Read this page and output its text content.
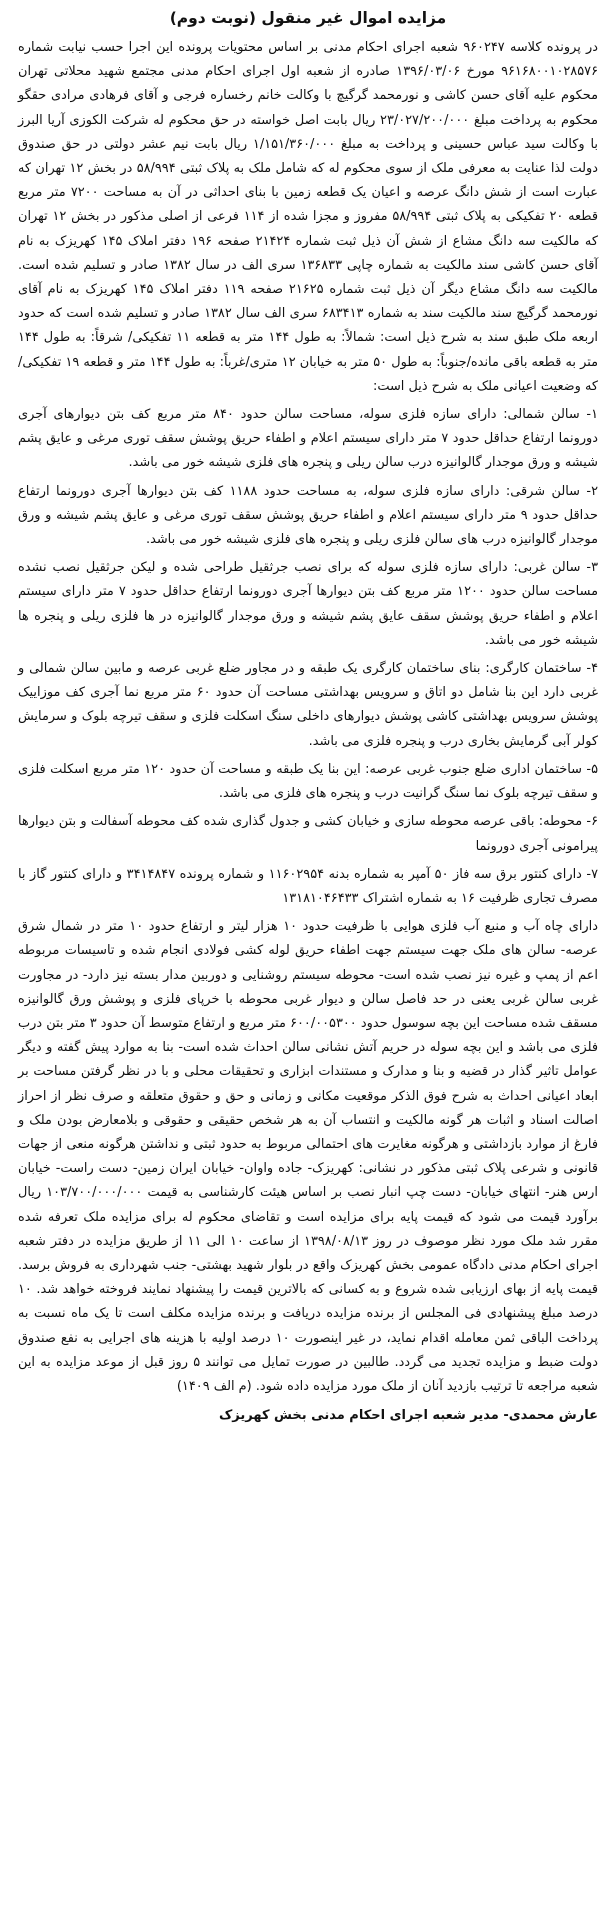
مزایده اموال غیر منقول (نوبت دوم)

در پرونده کلاسه ۹۶۰۲۴۷ شعبه اجرای احکام مدنی بر اساس محتویات پرونده این اجرا حسب نیابت شماره ۹۶۱۶۸۰۰۱۰۲۸۵۷۶ مورخ ۱۳۹۶/۰۳/۰۶ صادره از شعبه اول اجرای احکام مدنی مجتمع شهید محلاتی تهران محکوم علیه آقای حسن کاشی و نورمحمد گرگیچ با وکالت خانم رخساره فرجی و آقای فرهادی مرادی حقگو محکوم به پرداخت مبلغ ۲۳/۰۲۷/۲۰۰/۰۰۰ ریال بابت اصل خواسته در حق محکوم له شرکت الکوزی آریا البرز با وکالت سید عباس حسینی و پرداخت به مبلغ ۱/۱۵۱/۳۶۰/۰۰۰ ریال بابت نیم عشر دولتی در حق صندوق دولت لذا عنایت به معرفی ملک از سوی محکوم له که شامل ملک به پلاک ثبتی ۵۸/۹۹۴ در بخش ۱۲ تهران که عبارت است از شش دانگ عرصه و اعیان یک قطعه زمین با بنای احداثی در آن به مساحت ۷۲۰۰ متر مربع قطعه ۲۰ تفکیکی به پلاک ثبتی ۵۸/۹۹۴ مفروز و مجزا شده از ۱۱۴ فرعی از اصلی مذکور در بخش ۱۲ تهران که مالکیت سه دانگ مشاع از شش آن ذیل ثبت شماره ۲۱۴۲۴ صفحه ۱۹۶ دفتر املاک ۱۴۵ کهریزک به نام آقای حسن کاشی سند مالکیت به شماره چاپی ۱۳۶۸۳۳ سری الف در سال ۱۳۸۲ صادر و تسلیم شده است. مالکیت سه دانگ مشاع دیگر آن ذیل ثبت شماره ۲۱۶۲۵ صفحه ۱۱۹ دفتر املاک ۱۴۵ کهریزک به نام آقای نورمحمد گرگیچ سند مالکیت سند به شماره ۶۸۳۴۱۳ سری الف سال ۱۳۸۲ صادر و تسلیم شده است که حدود اربعه ملک طبق سند به شرح ذیل است: شمالاً: به طول ۱۴۴ متر به قطعه ۱۱ تفکیکی/ شرقاً: به طول ۱۴۴ متر به قطعه باقی مانده/جنوباً: به طول ۵۰ متر به خیابان ۱۲ متری/غرباً: به طول ۱۴۴ متر و قطعه ۱۹ تفکیکی/که وضعیت اعیانی ملک به شرح ذیل است:

۱- سالن شمالی: دارای سازه فلزی سوله، مساحت سالن حدود ۸۴۰ متر مربع کف بتن دیوارهای آجری دورونما ارتفاع حداقل حدود ۷ متر دارای سیستم اعلام و اطفاء حریق پوشش سقف توری مرغی و عایق پشم شیشه و ورق موجدار گالوانیزه درب سالن ریلی و پنجره های فلزی شیشه خور می باشد.

۲- سالن شرقی: دارای سازه فلزی سوله، به مساحت حدود ۱۱۸۸ کف بتن دیوارها آجری دورونما ارتفاع حداقل حدود ۹ متر دارای سیستم اعلام و اطفاء حریق پوشش سقف توری مرغی و عایق پشم شیشه و ورق موجدار گالوانیزه درب های سالن فلزی ریلی و پنجره های فلزی شیشه خور می باشد.

۳- سالن غربی: دارای سازه فلزی سوله که برای نصب جرثقیل طراحی شده و لیکن جرثقیل نصب نشده مساحت سالن حدود ۱۲۰۰ متر مربع کف بتن دیوارها آجری دورونما ارتفاع حداقل حدود ۷ متر دارای سیستم اعلام و اطفاء حریق پوشش سقف عایق پشم شیشه و ورق موجدار گالوانیزه در ها فلزی ریلی و پنجره ها شیشه خور می باشد.

۴- ساختمان کارگری: بنای ساختمان کارگری یک طبقه و در مجاور ضلع غربی عرصه و مابین سالن شمالی و غربی دارد این بنا شامل دو اتاق و سرویس بهداشتی مساحت آن حدود ۶۰ متر مربع نما آجری کف موزاییک پوشش سرویس بهداشتی کاشی پوشش دیوارهای داخلی سنگ اسکلت فلزی و سقف تیرچه بلوک و سرمایش کولر آبی گرمایش بخاری درب و پنجره فلزی می باشد.

۵- ساختمان اداری ضلع جنوب غربی عرصه: این بنا یک طبقه و مساحت آن حدود ۱۲۰ متر مربع اسکلت فلزی و سقف تیرچه بلوک نما سنگ گرانیت درب و پنجره های فلزی می باشد.

۶- محوطه: باقی عرصه محوطه سازی و خیابان کشی و جدول گذاری شده کف محوطه آسفالت و بتن دیوارها پیرامونی آجری دورونما

۷- دارای کنتور برق سه فاز ۵۰ آمپر به شماره بدنه ۱۱۶۰۲۹۵۴ و شماره پرونده ۳۴۱۴۸۴۷ و دارای کنتور گاز با مصرف تجاری ظرفیت ۱۶ به شماره اشتراک ۱۳۱۸۱۰۴۶۴۳۳

دارای چاه آب و منبع آب فلزی هوایی با ظرفیت حدود ۱۰ هزار لیتر و ارتفاع حدود ۱۰ متر در شمال شرق عرصه- سالن های ملک جهت سیستم جهت اطفاء حریق لوله کشی فولادی انجام شده و تاسیسات مربوطه اعم از پمپ و غیره نیز نصب شده است- محوطه سیستم روشنایی و دوربین مدار بسته نیز دارد- در مجاورت غربی سالن غربی یعنی در حد فاصل سالن و دیوار غربی محوطه با خرپای فلزی و پوشش ورق گالوانیزه مسقف شده مساحت این بچه سوسول حدود ۶۰۰/۰۰۵۳۰۰ متر مربع و ارتفاع متوسط آن حدود ۳ متر بتن درب فلزی می باشد و این بچه سوله در حریم آتش نشانی سالن احداث شده است- بنا به موارد پیش گفته و دیگر عوامل تاثیر گذار در قضیه و بنا و مدارک و مستندات ابزاری و تحقیقات محلی و با در نظر گرفتن مساحت بر ابعاد اعیانی احداث به شرح فوق الذکر موقعیت مکانی و زمانی و حق و حقوق متعلقه و صرف نظر از احراز اصالت اسناد و اثبات هر گونه مالکیت و انتساب آن به هر شخص حقیقی و حقوقی و بلامعارض بودن ملک و فارغ از موارد بازداشتی و هرگونه مغایرت های احتمالی مربوط به حدود ثبتی و نداشتن هرگونه منعی از جهات قانونی و شرعی پلاک ثبتی مذکور در نشانی: کهریزک- جاده واوان- خیابان ایران زمین- دست راست- خیابان ارس هنر- انتهای خیابان- دست چپ انبار نصب بر اساس هیئت کارشناسی به قیمت ۱۰۳/۷۰۰/۰۰۰/۰۰۰ ریال برآورد قیمت می شود که قیمت پایه برای مزایده است و تقاضای محکوم له برای مزایده ملک تعرفه شده مقرر شد ملک مورد نظر موصوف در روز ۱۳۹۸/۰۸/۱۳ از ساعت ۱۰ الی ۱۱ از طریق مزایده در دفتر شعبه اجرای احکام مدنی دادگاه عمومی بخش کهریزک واقع در بلوار شهید بهشتی- جنب شهرداری به فروش برسد. قیمت پایه از بهای ارزیابی شده شروع و به کسانی که بالاترین قیمت را پیشنهاد نمایند فروخته خواهد شد. ۱۰ درصد مبلغ پیشنهادی فی المجلس از برنده مزایده دریافت و برنده مزایده مکلف است تا یک ماه نسبت به پرداخت الباقی ثمن معامله اقدام نماید، در غیر اینصورت ۱۰ درصد اولیه با هزینه های اجرایی به نفع صندوق دولت ضبط و مزایده تجدید می گردد. طالبین در صورت تمایل می توانند ۵ روز قبل از موعد مزایده به این شعبه مراجعه تا ترتیب بازدید آنان از ملک مورد مزایده داده شود. (م الف ۱۴۰۹)

عارش محمدی- مدیر شعبه اجرای احکام مدنی بخش کهریزک
